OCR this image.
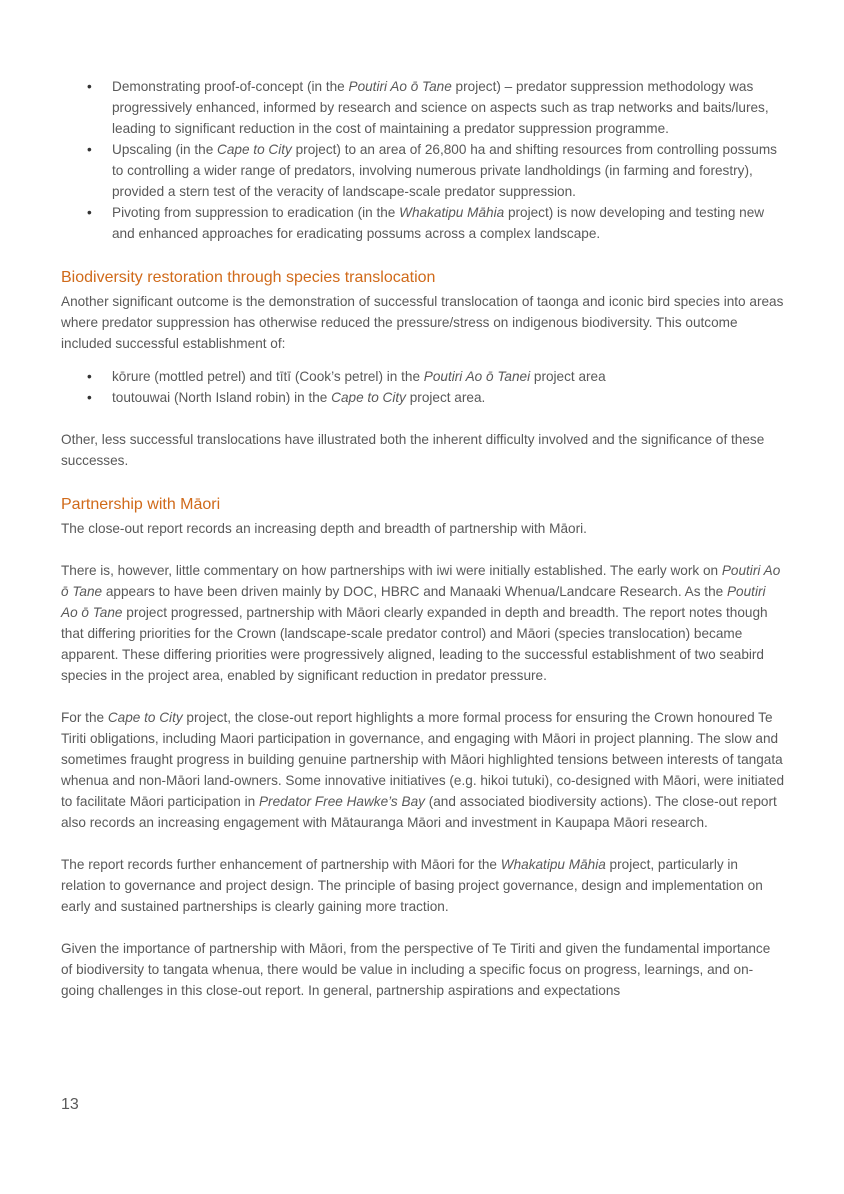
• Demonstrating proof-of-concept (in the Poutiri Ao ō Tane project) – predator suppression methodology was progressively enhanced, informed by research and science on aspects such as trap networks and baits/lures, leading to significant reduction in the cost of maintaining a predator suppression programme.
• Upscaling (in the Cape to City project) to an area of 26,800 ha and shifting resources from controlling possums to controlling a wider range of predators, involving numerous private landholdings (in farming and forestry), provided a stern test of the veracity of landscape-scale predator suppression.
• Pivoting from suppression to eradication (in the Whakatipu Māhia project) is now developing and testing new and enhanced approaches for eradicating possums across a complex landscape.
Biodiversity restoration through species translocation

Another significant outcome is the demonstration of successful translocation of taonga and iconic bird species into areas where predator suppression has otherwise reduced the pressure/stress on indigenous biodiversity. This outcome included successful establishment of:

• kōrure (mottled petrel) and tītī (Cook’s petrel) in the Poutiri Ao ō Tanei project area
• toutouwai (North Island robin) in the Cape to City project area.

Other, less successful translocations have illustrated both the inherent difficulty involved and the significance of these successes.

Partnership with Māori

The close-out report records an increasing depth and breadth of partnership with Māori.

There is, however, little commentary on how partnerships with iwi were initially established. The early work on Poutiri Ao ō Tane appears to have been driven mainly by DOC, HBRC and Manaaki Whenua/Landcare Research. As the Poutiri Ao ō Tane project progressed, partnership with Māori clearly expanded in depth and breadth. The report notes though that differing priorities for the Crown (landscape-scale predator control) and Māori (species translocation) became apparent. These differing priorities were progressively aligned, leading to the successful establishment of two seabird species in the project area, enabled by significant reduction in predator pressure.

For the Cape to City project, the close-out report highlights a more formal process for ensuring the Crown honoured Te Tiriti obligations, including Maori participation in governance, and engaging with Māori in project planning. The slow and sometimes fraught progress in building genuine partnership with Māori highlighted tensions between interests of tangata whenua and non-Māori land-owners. Some innovative initiatives (e.g. hikoi tutuki), co-designed with Māori, were initiated to facilitate Māori participation in Predator Free Hawke’s Bay (and associated biodiversity actions). The close-out report also records an increasing engagement with Mātauranga Māori and investment in Kaupapa Māori research.

The report records further enhancement of partnership with Māori for the Whakatipu Māhia project, particularly in relation to governance and project design. The principle of basing project governance, design and implementation on early and sustained partnerships is clearly gaining more traction.

Given the importance of partnership with Māori, from the perspective of Te Tiriti and given the fundamental importance of biodiversity to tangata whenua, there would be value in including a specific focus on progress, learnings, and on-going challenges in this close-out report. In general, partnership aspirations and expectations

13
